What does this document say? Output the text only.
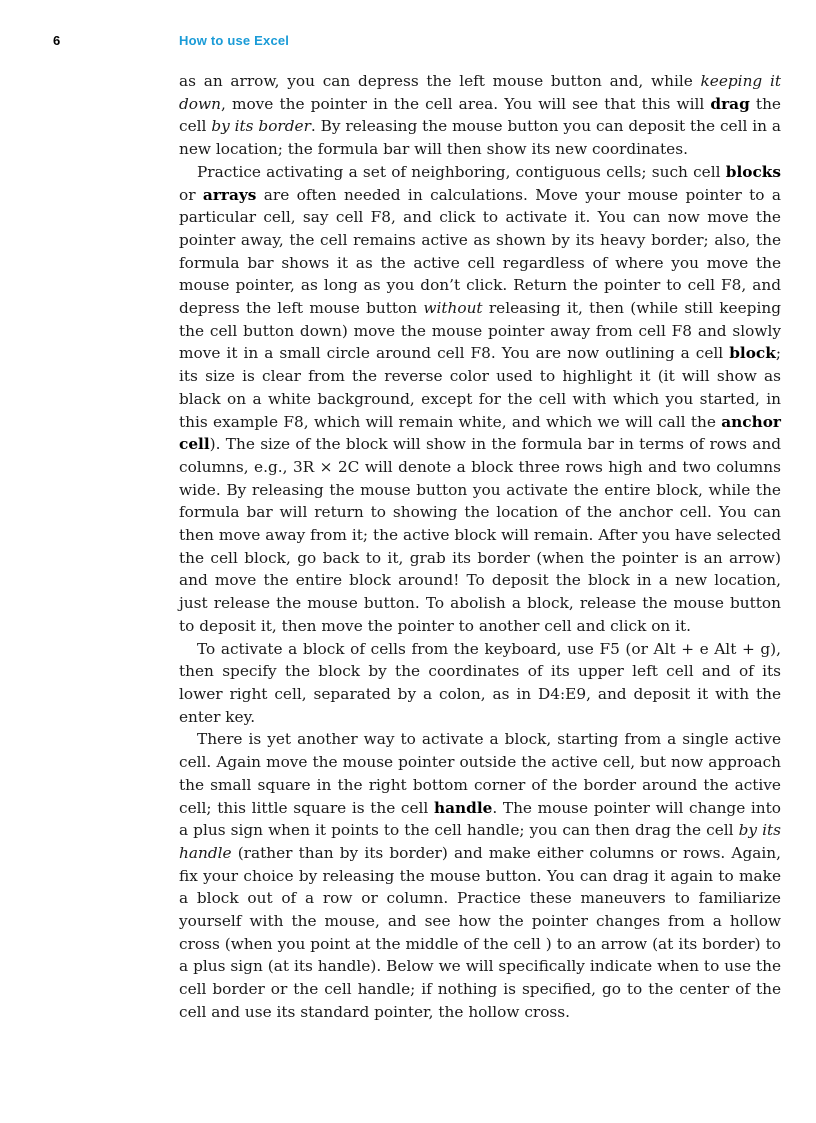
6	How to use Excel

as an arrow, you can depress the left mouse button and, while keeping it down, move the pointer in the cell area. You will see that this will drag the cell by its border. By releasing the mouse button you can deposit the cell in a new location; the formula bar will then show its new coordinates.

Practice activating a set of neighboring, contiguous cells; such cell blocks or arrays are often needed in calculations. Move your mouse pointer to a particular cell, say cell F8, and click to activate it. You can now move the pointer away, the cell remains active as shown by its heavy border; also, the formula bar shows it as the active cell regardless of where you move the mouse pointer, as long as you don’t click. Return the pointer to cell F8, and depress the left mouse button without releasing it, then (while still keeping the cell button down) move the mouse pointer away from cell F8 and slowly move it in a small circle around cell F8. You are now outlining a cell block; its size is clear from the reverse color used to highlight it (it will show as black on a white background, except for the cell with which you started, in this example F8, which will remain white, and which we will call the anchor cell). The size of the block will show in the formula bar in terms of rows and columns, e.g., 3R × 2C will denote a block three rows high and two columns wide. By releasing the mouse button you activate the entire block, while the formula bar will return to showing the location of the anchor cell. You can then move away from it; the active block will remain. After you have selected the cell block, go back to it, grab its border (when the pointer is an arrow) and move the entire block around! To deposit the block in a new location, just release the mouse button. To abolish a block, release the mouse button to deposit it, then move the pointer to another cell and click on it.

To activate a block of cells from the keyboard, use F5 (or Alt + e Alt + g), then specify the block by the coordinates of its upper left cell and of its lower right cell, separated by a colon, as in D4:E9, and deposit it with the enter key.

There is yet another way to activate a block, starting from a single active cell. Again move the mouse pointer outside the active cell, but now approach the small square in the right bottom corner of the border around the active cell; this little square is the cell handle. The mouse pointer will change into a plus sign when it points to the cell handle; you can then drag the cell by its handle (rather than by its border) and make either columns or rows. Again, fix your choice by releasing the mouse button. You can drag it again to make a block out of a row or column. Practice these maneuvers to familiarize yourself with the mouse, and see how the pointer changes from a hollow cross (when you point at the middle of the cell ) to an arrow (at its border) to a plus sign (at its handle). Below we will specifically indicate when to use the cell border or the cell handle; if nothing is specified, go to the center of the cell and use its standard pointer, the hollow cross.
